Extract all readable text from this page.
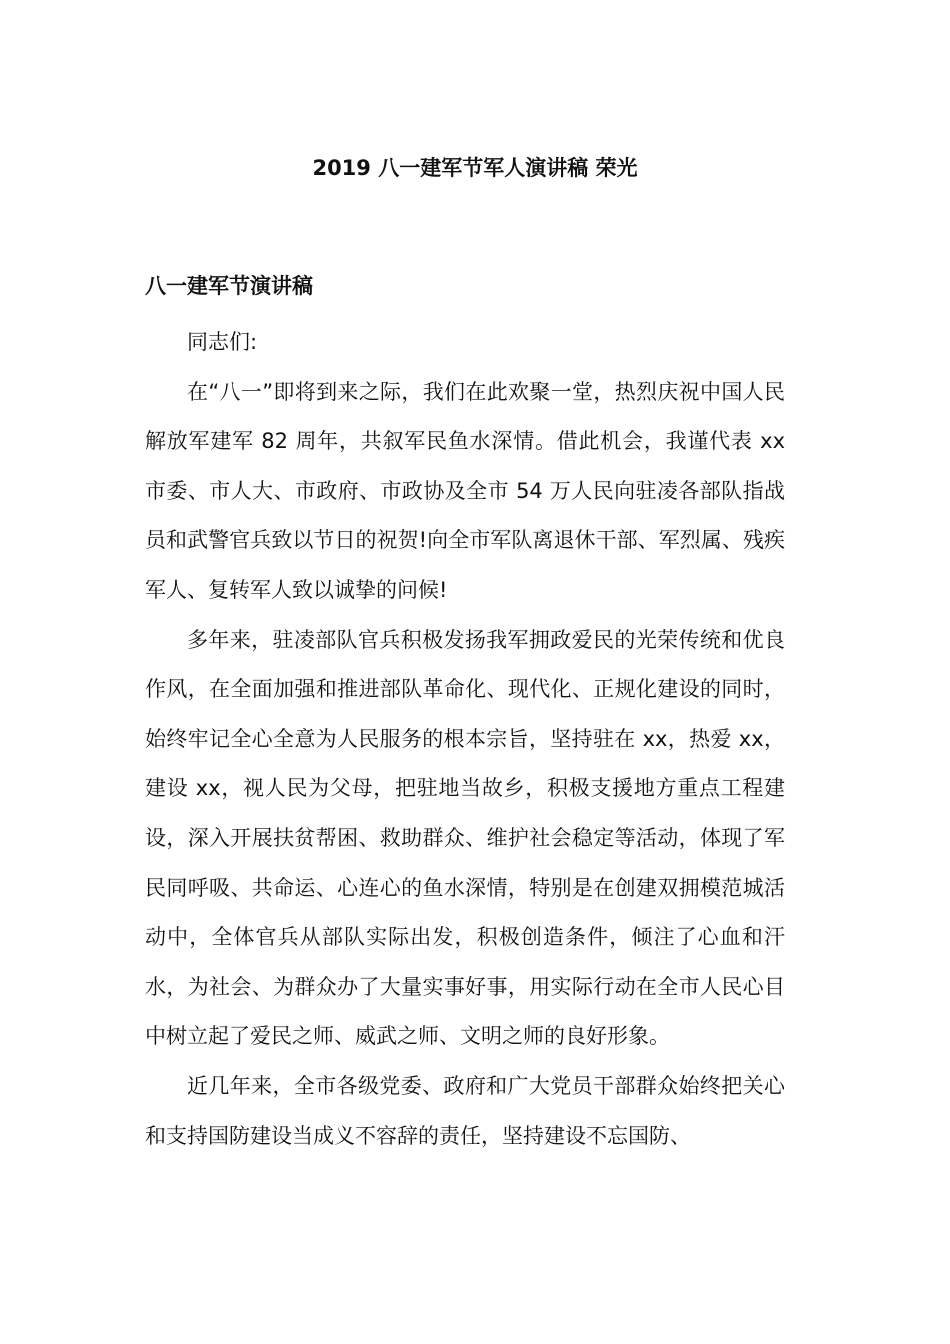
2019 八一建军节军人演讲稿 荣光
八一建军节演讲稿

同志们:

在“八一”即将到来之际，我们在此欢聚一堂，热烈庆祝中国人民解放军建军 82 周年，共叙军民鱼水深情。借此机会，我谨代表 xx 市委、市人大、市政府、市政协及全市 54 万人民向驻凌各部队指战员和武警官兵致以节日的祝贺!向全市军队离退休干部、军烈属、残疾军人、复转军人致以诚挚的问候!

多年来，驻凌部队官兵积极发扬我军拥政爱民的光荣传统和优良作风，在全面加强和推进部队革命化、现代化、正规化建设的同时，始终牢记全心全意为人民服务的根本宗旨，坚持驻在 xx，热爱 xx，建设 xx，视人民为父母，把驻地当故乡，积极支援地方重点工程建设，深入开展扶贫帮困、救助群众、维护社会稳定等活动，体现了军民同呼吸、共命运、心连心的鱼水深情，特别是在创建双拥模范城活动中，全体官兵从部队实际出发，积极创造条件，倾注了心血和汗水，为社会、为群众办了大量实事好事，用实际行动在全市人民心目中树立起了爱民之师、威武之师、文明之师的良好形象。

近几年来，全市各级党委、政府和广大党员干部群众始终把关心和支持国防建设当成义不容辞的责任，坚持建设不忘国防、
